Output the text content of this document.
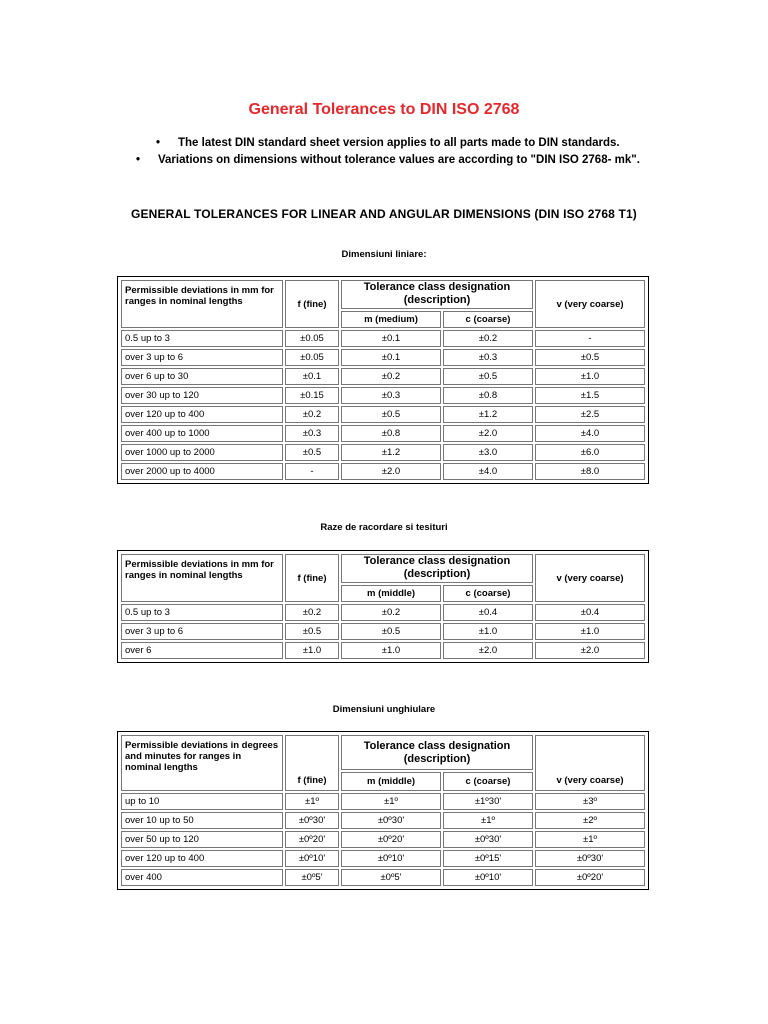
General Tolerances to DIN ISO 2768
• The latest DIN standard sheet version applies to all parts made to DIN standards.
• Variations on dimensions without tolerance values are according to "DIN ISO 2768- mk".
GENERAL TOLERANCES FOR LINEAR AND ANGULAR DIMENSIONS (DIN ISO 2768 T1)
Dimensiuni liniare:
Permissible deviations in mm for ranges in nominal lengths	f (fine)	Tolerance class designation (description)		v (very coarse)
		m (medium)	c (coarse)	
0.5 up to 3	±0.05	±0.1	±0.2	-
over 3 up to 6	±0.05	±0.1	±0.3	±0.5
over 6 up to 30	±0.1	±0.2	±0.5	±1.0
over 30 up to 120	±0.15	±0.3	±0.8	±1.5
over 120 up to 400	±0.2	±0.5	±1.2	±2.5
over 400 up to 1000	±0.3	±0.8	±2.0	±4.0
over 1000 up to 2000	±0.5	±1.2	±3.0	±6.0
over 2000 up to 4000	-	±2.0	±4.0	±8.0
Raze de racordare si tesituri
Permissible deviations in mm for ranges in nominal lengths	f (fine)	Tolerance class designation (description)		v (very coarse)
		m (middle)	c (coarse)	
0.5 up to 3	±0.2	±0.2	±0.4	±0.4
over 3 up to 6	±0.5	±0.5	±1.0	±1.0
over 6	±1.0	±1.0	±2.0	±2.0
Dimensiuni unghiulare
Permissible deviations in degrees and minutes for ranges in nominal lengths	f (fine)	Tolerance class designation (description)		v (very coarse)
		m (middle)	c (coarse)	
up to 10	±1º	±1º	±1º30'	±3º
over 10 up to 50	±0º30'	±0º30'	±1º	±2º
over 50 up to 120	±0º20'	±0º20'	±0º30'	±1º
over 120 up to 400	±0º10'	±0º10'	±0º15'	±0º30'
over 400	±0º5'	±0º5'	±0º10'	±0º20'
